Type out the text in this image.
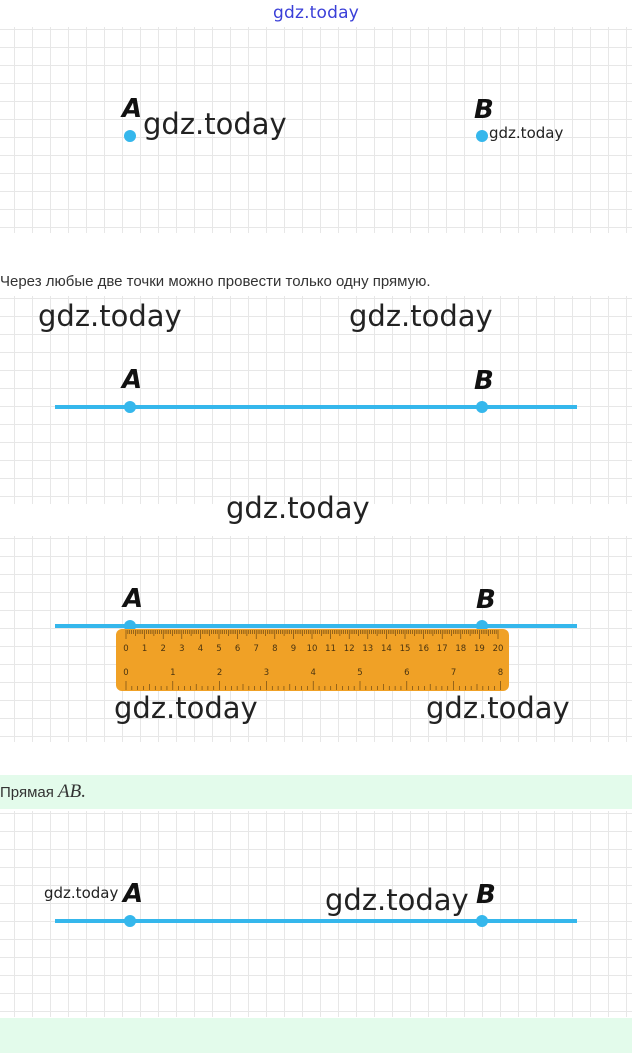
gdz.today
A	B
gdz.today	gdz.today
Через любые две точки можно провести только одну прямую.
A	B
gdz.today	gdz.today
gdz.today
0 1 2 3 4 5 6 7 8 9 10 11 12 13 14 15 16 17 18 19 20
0	1	2	3	4	5	6	7	8
A	B
gdz.today	gdz.today
Прямая AB.
A	B
gdz.today	gdz.today
